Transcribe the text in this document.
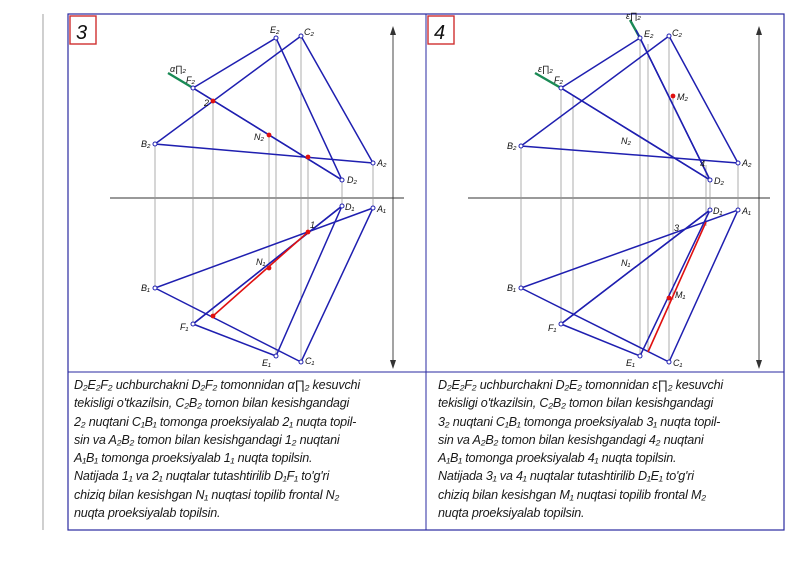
3	E₂	C₂
F₂
α∏₂
N₂
B₂
A₂
D₂
D₁	A₁
B₁
N₁
F₁
E₁	C₁
2
1
4	E₂ C₂
F₂
ε∏₂
ε∏₂
M₂
N₂
B₂
A₂
D₂
D₁ A₁
B₁
N₁
M₁
F₁
E₁	C₁
3
4
D₂E₂F₂ uchburchakni D₂F₂ tomonnidan α∏₂ kesuvchi
tekisligi o'tkazilsin, C₂B₂ tomon bilan kesishgandagi
2₂ nuqtani C₁B₁ tomonga proeksiyalab 2₁ nuqta topil-
sin va A₂B₂ tomon bilan kesishgandagi 1₂ nuqtani
A₁B₁ tomonga proeksiyalab 1₁ nuqta topilsin.
Natijada 1₁ va 2₁ nuqtalar tutashtirilib D₁F₁ to'g'ri
chiziq bilan kesishgan N₁ nuqtasi topilib frontal N₂
nuqta proeksiyalab topilsin.
D₂E₂F₂ uchburchakni D₂E₂ tomonnidan ε∏₂ kesuvchi
tekisligi o'tkazilsin, C₂B₂ tomon bilan kesishgandagi
3₂ nuqtani C₁B₁ tomonga proeksiyalab 3₁ nuqta topil-
sin va A₂B₂ tomon bilan kesishgandagi 4₂ nuqtani
A₁B₁ tomonga proeksiyalab 4₁ nuqta topilsin.
Natijada 3₁ va 4₁ nuqtalar tutashtirilib D₁E₁ to'g'ri
chiziq bilan kesishgan M₁ nuqtasi topilib frontal M₂
nuqta proeksiyalab topilsin.
